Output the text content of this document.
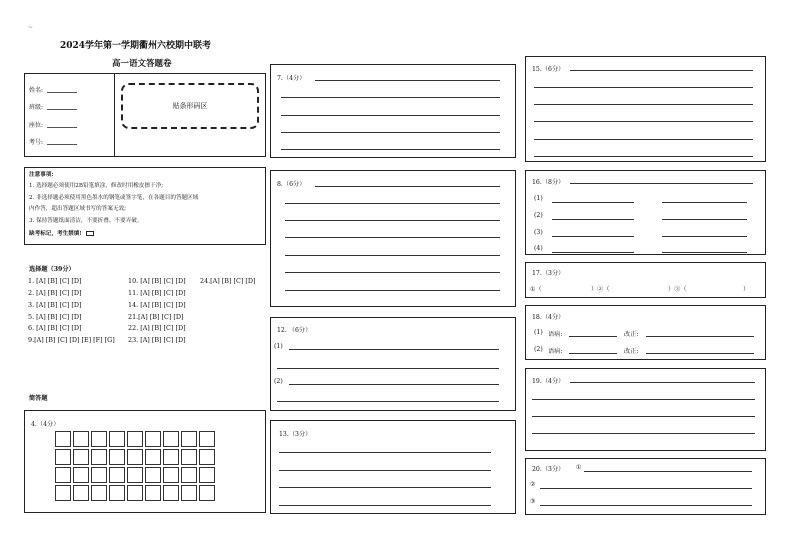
~
2024学年第一学期衢州六校期中联考
高一语文答题卷
姓名:
班级:
座位:
考号:
贴条形码区
注意事项:
1. 选择题必须使用2B铅笔填涂，修改时用橡皮擦干净;
2. 非选择题必须使用黑色墨水的钢笔或签字笔，在各题目的答题区域
内作答，超出答题区域书写的答案无效;
3. 保持答题纸面清洁，不要折叠、不要弄破。
缺考标记，考生禁填!
选择题（39分）
1. [A] [B] [C] [D]
2. [A] [B] [C] [D]
3. [A] [B] [C] [D]
5. [A] [B] [C] [D]
6. [A] [B] [C] [D]
9.[A] [B] [C] [D] [E] [F] [G]
10. [A] [B] [C] [D]
11. [A] [B] [C] [D]
14. [A] [B] [C] [D]
21.[A] [B] [C] [D]
22. [A] [B] [C] [D]
23. [A] [B] [C] [D]
24.[A] [B] [C] [D]
简答题
4.（4分）
7.（4分）
8.（6分）
12. （6分）
(1)
(2)
13.（3分）
15.（6分）
16.（8分）
(1)
(2)
(3)
(4)
17.（3分）
①（	）②（	）③（	）
18.（4分）
(1) 语病:	改正:
(2) 语病:	改正:
19.（4分）
20.（3分） ①
②
③
